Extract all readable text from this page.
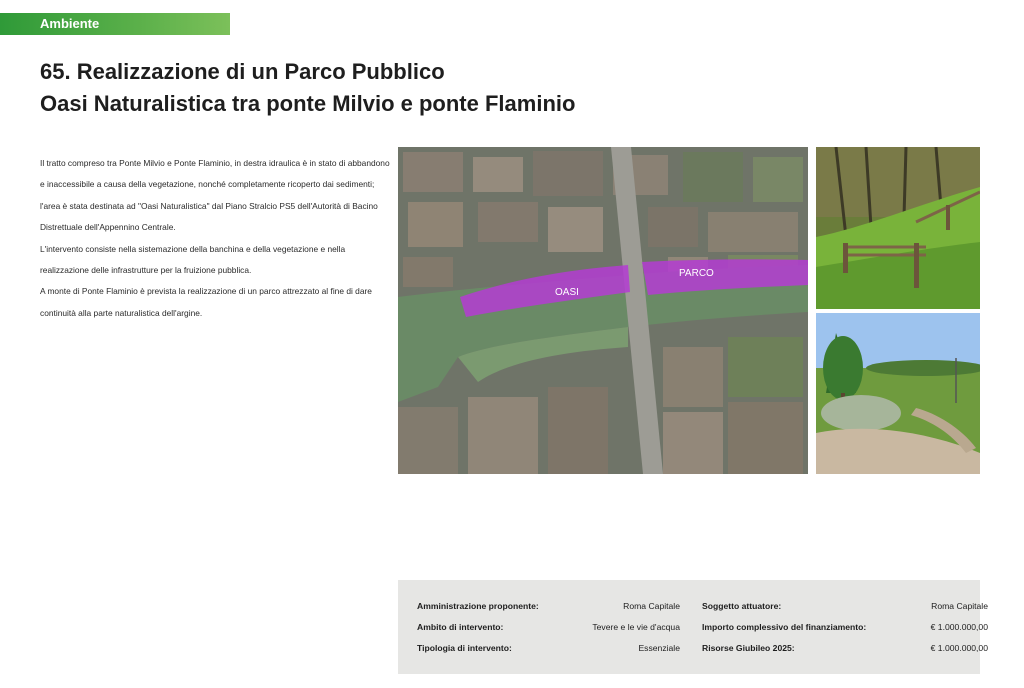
Ambiente
65. Realizzazione di un Parco Pubblico
Oasi Naturalistica tra ponte Milvio e ponte Flaminio

Il tratto compreso tra Ponte Milvio e Ponte Flaminio, in destra idraulica è in stato di abbandono e inaccessibile a causa della vegetazione, nonché completamente ricoperto dai sedimenti; l'area è stata destinata ad "Oasi Naturalistica" dal Piano Stralcio PS5 dell'Autorità di Bacino Distrettuale dell'Appennino Centrale.

L'intervento consiste nella sistemazione della banchina e della vegetazione e nella realizzazione delle infrastrutture per la fruizione pubblica.

A monte di Ponte Flaminio è prevista la realizzazione di un parco attrezzato al fine di dare continuità alla parte naturalistica dell'argine.

OASI
PARCO
Amministrazione proponente:	Roma Capitale	Soggetto attuatore:	Roma Capitale
Ambito di intervento:	Tevere e le vie d'acqua	Importo complessivo del finanziamento:	€ 1.000.000,00
Tipologia di intervento:	Essenziale	Risorse Giubileo 2025:	€ 1.000.000,00
